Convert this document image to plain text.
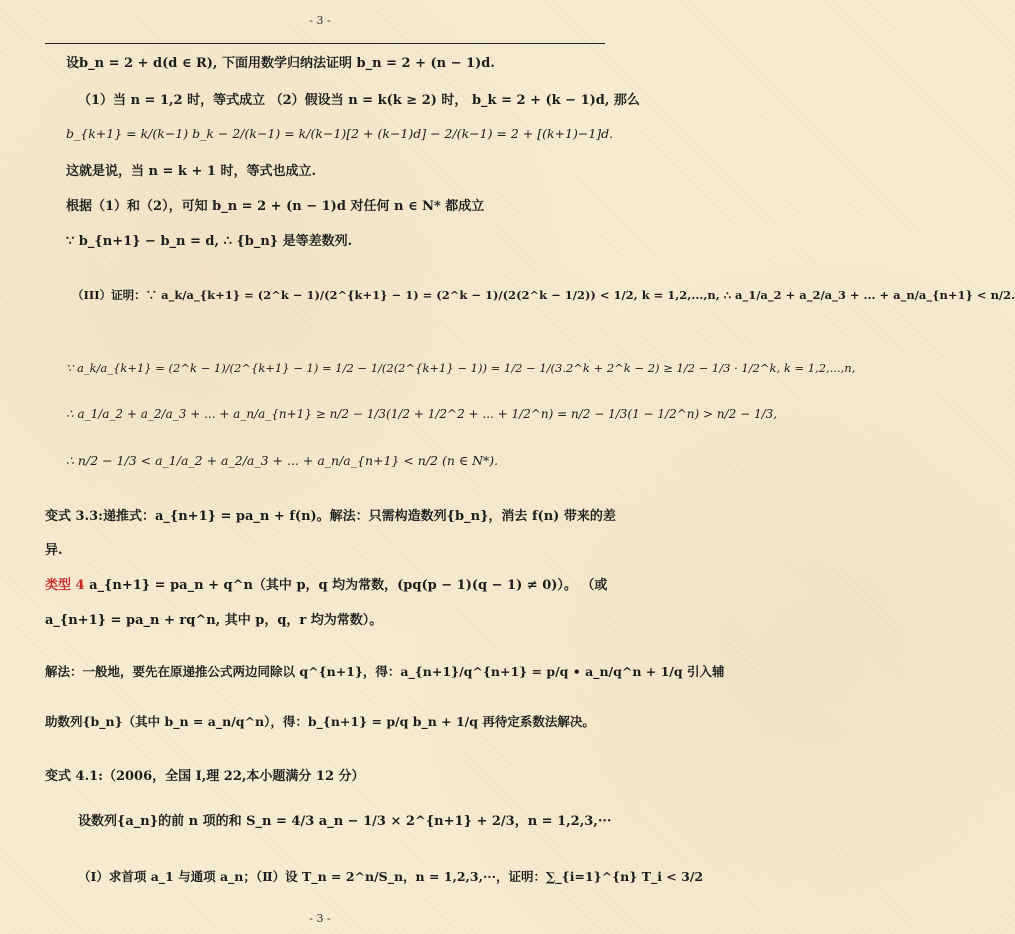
- 3 -
设b_n = 2 + d(d ∈ R), 下面用数学归纳法证明 b_n = 2 + (n − 1)d.
（1）当 n = 1,2 时，等式成立 （2）假设当 n = k(k ≥ 2) 时， b_k = 2 + (k − 1)d, 那么
b_{k+1} = k/(k−1) b_k − 2/(k−1) = k/(k−1)[2 + (k−1)d] − 2/(k−1) = 2 + [(k+1)−1]d.
这就是说，当 n = k + 1 时，等式也成立.
根据（1）和（2），可知 b_n = 2 + (n − 1)d 对任何 n ∈ N* 都成立
∵ b_{n+1} − b_n = d, ∴ {b_n} 是等差数列.
（III）证明：∵ a_k/a_{k+1} = (2^k − 1)/(2^{k+1} − 1) = (2^k − 1)/(2(2^k − 1/2)) < 1/2, k = 1,2,...,n, ∴ a_1/a_2 + a_2/a_3 + ... + a_n/a_{n+1} < n/2.
∵ a_k/a_{k+1} = (2^k − 1)/(2^{k+1} − 1) = 1/2 − 1/(2(2^{k+1} − 1)) = 1/2 − 1/(3.2^k + 2^k − 2) ≥ 1/2 − 1/3 · 1/2^k, k = 1,2,...,n,
∴ a_1/a_2 + a_2/a_3 + ... + a_n/a_{n+1} ≥ n/2 − 1/3(1/2 + 1/2^2 + ... + 1/2^n) = n/2 − 1/3(1 − 1/2^n) > n/2 − 1/3,
∴ n/2 − 1/3 < a_1/a_2 + a_2/a_3 + ... + a_n/a_{n+1} < n/2 (n ∈ N*).
变式 3.3:递推式：a_{n+1} = pa_n + f(n)。解法：只需构造数列{b_n}，消去 f(n) 带来的差
异.
类型 4 a_{n+1} = pa_n + q^n（其中 p，q 均为常数，(pq(p − 1)(q − 1) ≠ 0)）。 （或
a_{n+1} = pa_n + rq^n, 其中 p，q，r 均为常数）。
解法：一般地，要先在原递推公式两边同除以 q^{n+1}，得：a_{n+1}/q^{n+1} = p/q • a_n/q^n + 1/q 引入辅
助数列{b_n}（其中 b_n = a_n/q^n），得：b_{n+1} = p/q b_n + 1/q 再待定系数法解决。
变式 4.1:（2006，全国 I,理 22,本小题满分 12 分）
设数列{a_n}的前 n 项的和 S_n = 4/3 a_n − 1/3 × 2^{n+1} + 2/3，n = 1,2,3,···
（Ⅰ）求首项 a_1 与通项 a_n；（Ⅱ）设 T_n = 2^n/S_n，n = 1,2,3,···，证明：∑_{i=1}^{n} T_i < 3/2
- 3 -
